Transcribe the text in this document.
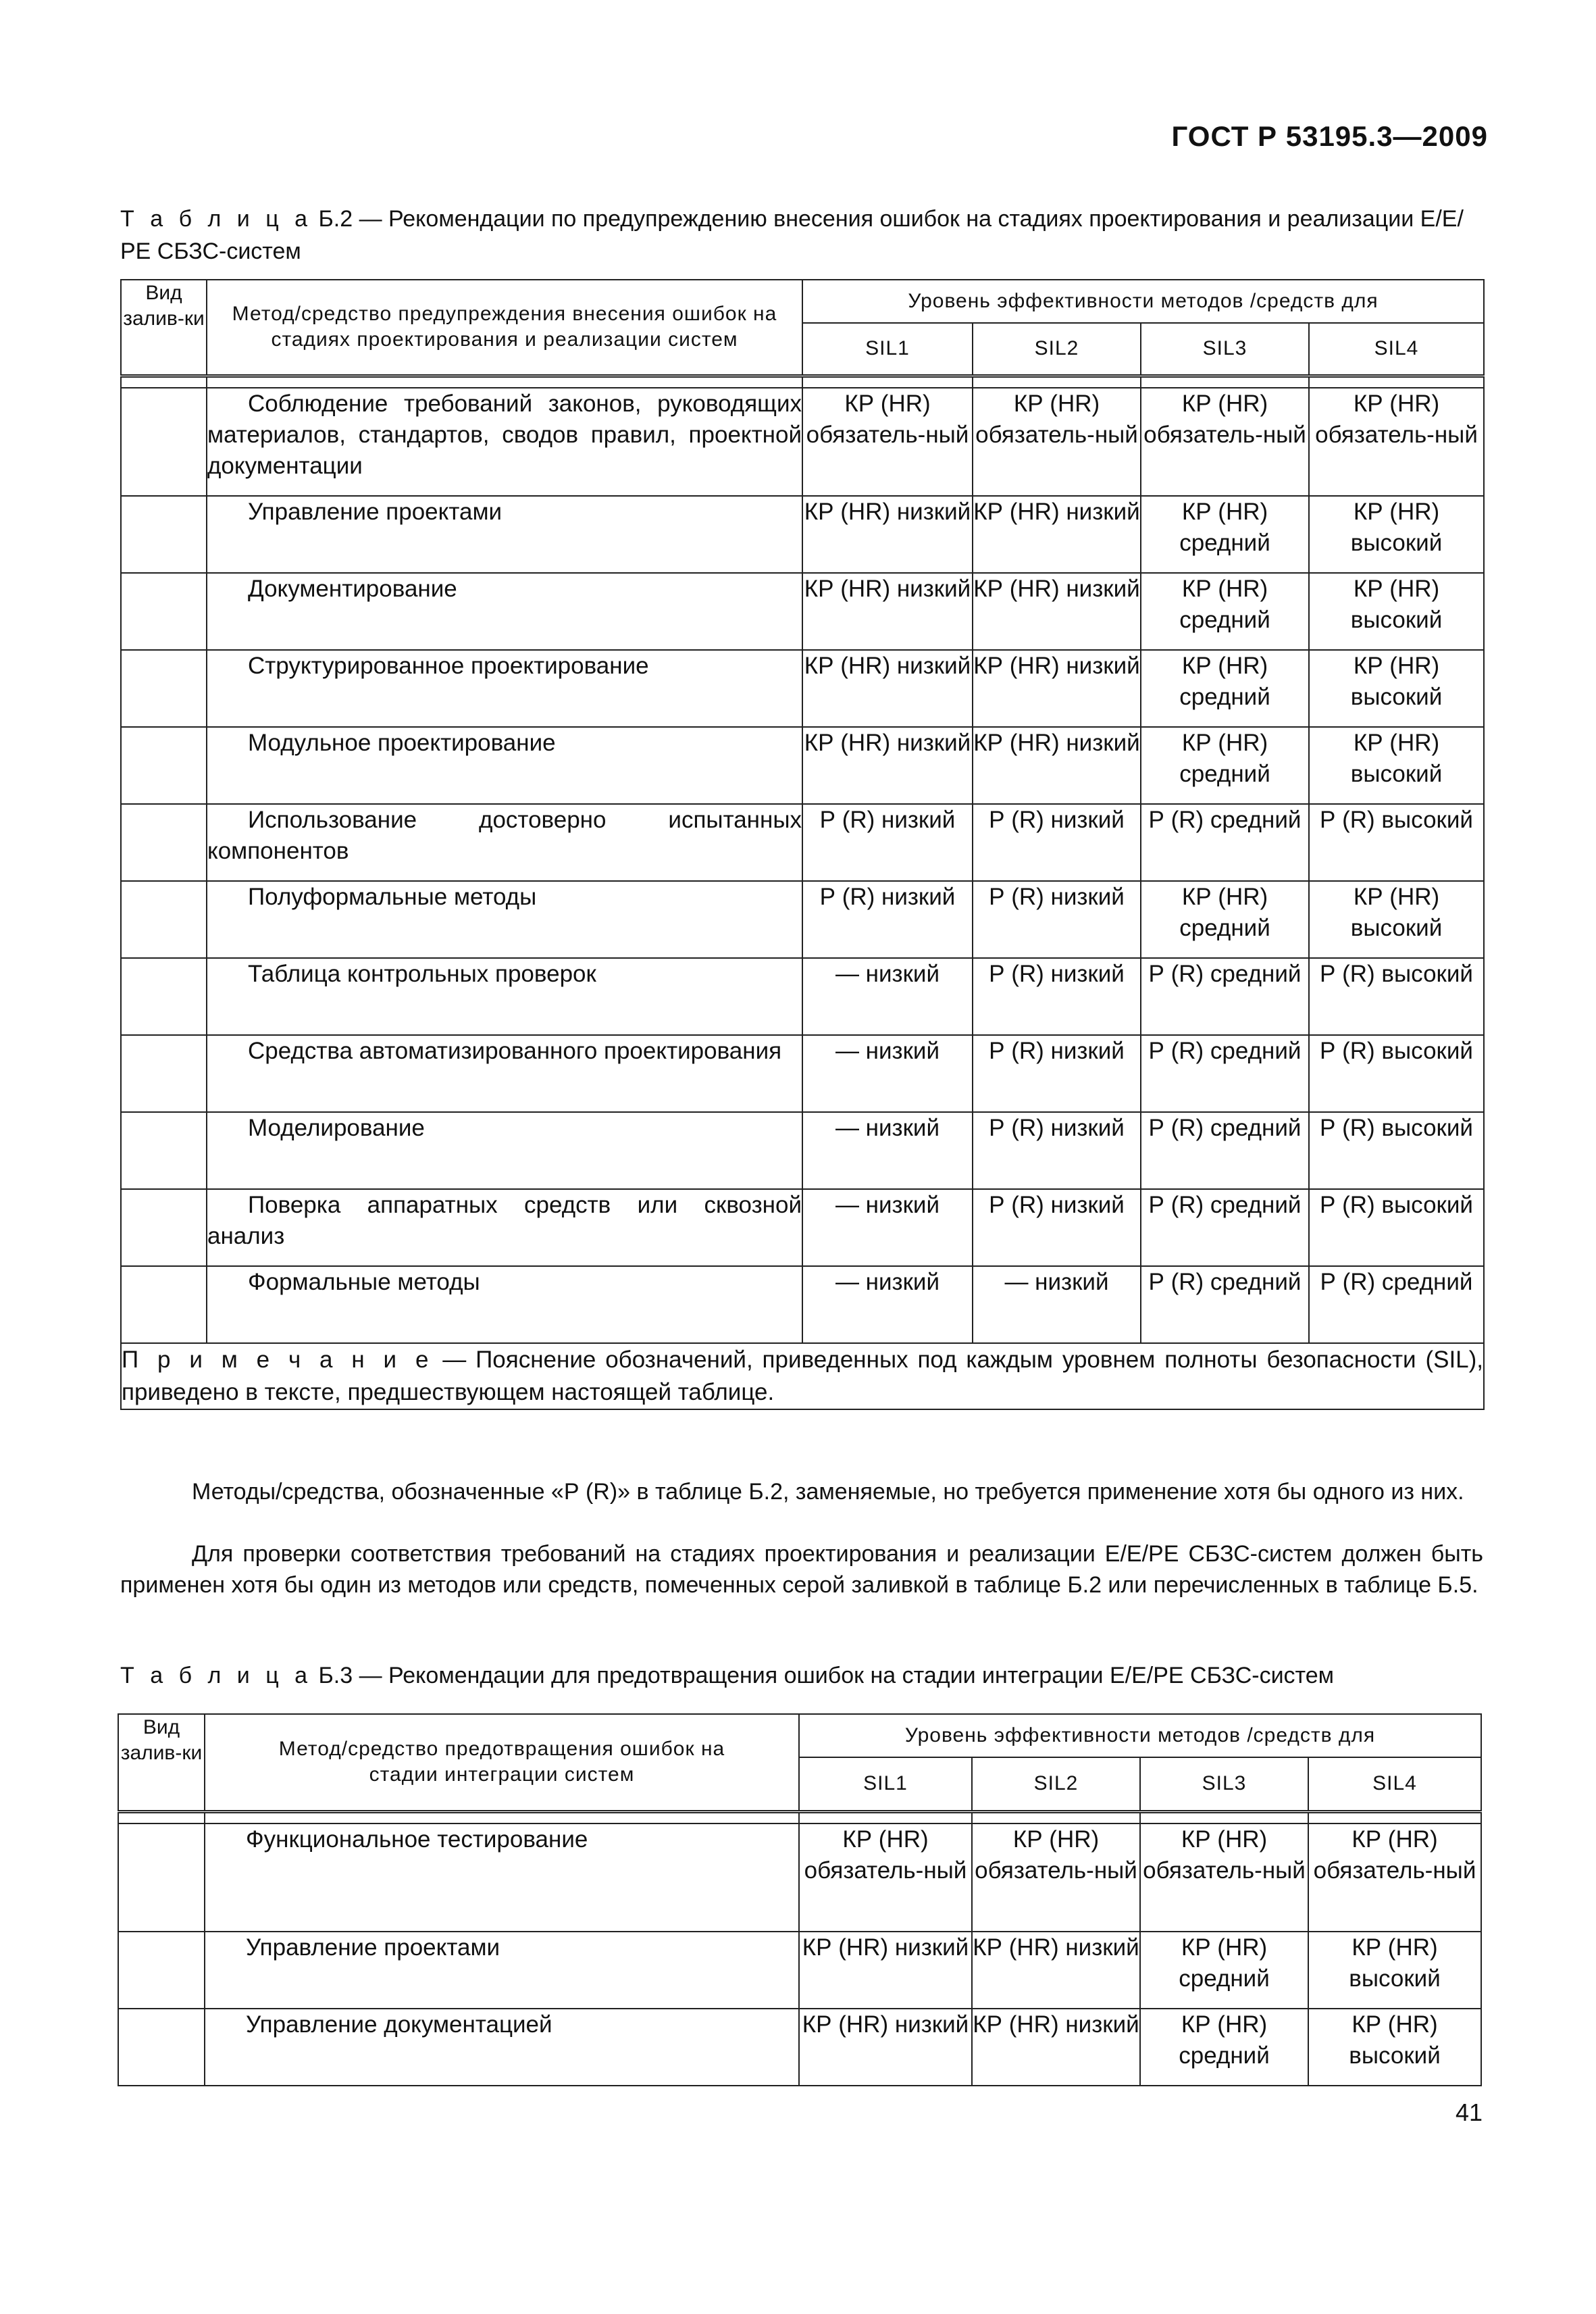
ГОСТ Р 53195.3—2009
Т а б л и ц а Б.2 — Рекомендации по предупреждению внесения ошибок на стадиях проектирования и реализации Е/Е/РЕ СБЗС-систем
Вид залив-ки	Метод/средство предупреждения внесения ошибок на стадиях проектирования и реализации систем	Уровень эффективности методов /средств для			
		SIL1	SIL2	SIL3	SIL4

	Соблюдение требований законов, руководящих материалов, стандартов, сводов правил, проектной документации	КР (HR) обязатель-ный	КР (HR) обязатель-ный	КР (HR) обязатель-ный	КР (HR) обязатель-ный

	Управление проектами	КР (HR) низкий	КР (HR) низкий	КР (HR) средний	КР (HR) высокий

	Документирование	КР (HR) низкий	КР (HR) низкий	КР (HR) средний	КР (HR) высокий

	Структурированное проектирование	КР (HR) низкий	КР (HR) низкий	КР (HR) средний	КР (HR) высокий

	Модульное проектирование	КР (HR) низкий	КР (HR) низкий	КР (HR) средний	КР (HR) высокий

	Использование достоверно испытанных компонентов	Р (R) низкий	Р (R) низкий	Р (R) средний	Р (R) высокий

	Полуформальные методы	Р (R) низкий	Р (R) низкий	КР (HR) средний	КР (HR) высокий

	Таблица контрольных проверок	— низкий	Р (R) низкий	Р (R) средний	Р (R) высокий

	Средства автоматизированного проектирования	— низкий	Р (R) низкий	Р (R) средний	Р (R) высокий

	Моделирование	— низкий	Р (R) низкий	Р (R) средний	Р (R) высокий

	Поверка аппаратных средств или сквозной анализ	— низкий	Р (R) низкий	Р (R) средний	Р (R) высокий

	Формальные методы	— низкий	— низкий	Р (R) средний	Р (R) средний
П р и м е ч а н и е — Пояснение обозначений, приведенных под каждым уровнем полноты безопасности (SIL), приведено в тексте, предшествующем настоящей таблице.					
Методы/средства, обозначенные «Р (R)» в таблице Б.2, заменяемые, но требуется применение хотя бы одного из них.
Для проверки соответствия требований на стадиях проектирования и реализации Е/Е/РЕ СБЗС-систем должен быть применен хотя бы один из методов или средств, помеченных серой заливкой в таблице Б.2 или перечисленных в таблице Б.5.
Т а б л и ц а Б.3 — Рекомендации для предотвращения ошибок на стадии интеграции Е/Е/РЕ СБЗС-систем
Вид залив-ки	Метод/средство предотвращения ошибок на стадии интеграции систем	Уровень эффективности методов /средств для			
		SIL1	SIL2	SIL3	SIL4

	Функциональное тестирование	КР (HR) обязатель-ный	КР (HR) обязатель-ный	КР (HR) обязатель-ный	КР (HR) обязатель-ный

	Управление проектами	КР (HR) низкий	КР (HR) низкий	КР (HR) средний	КР (HR) высокий

	Управление документацией	КР (HR) низкий	КР (HR) низкий	КР (HR) средний	КР (HR) высокий
41
